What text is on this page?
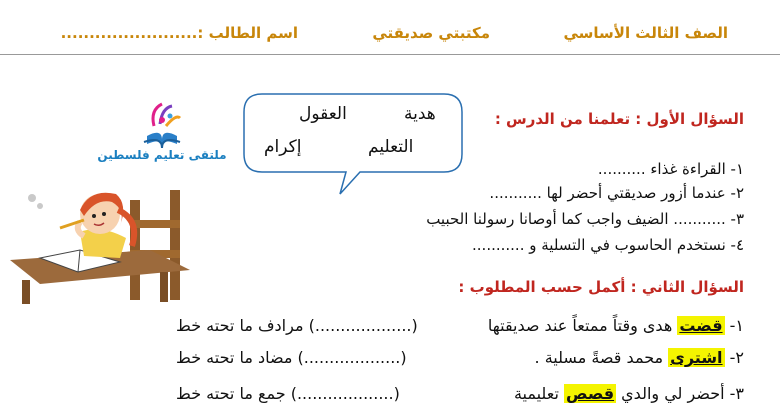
الصف الثالث الأساسي
مكتبتي صديقتي
اسم الطالب :........................
ملتقى تعليم فلسطين
هدية
العقول
التعليم
إكرام
السؤال الأول : تعلمنا من الدرس :
١- القراءة غذاء ..........
٢- عندما أزور صديقتي أحضر لها ...........
٣- ........... الضيف واجب كما أوصانا رسولنا الحبيب
٤- نستخدم الحاسوب في التسلية و ...........
السؤال الثاني : أكمل حسب المطلوب :
١- قضت هدى وقتاً ممتعاً عند صديقتها
(...................) مرادف ما تحته خط
٢- اشترى محمد قصةً مسلية .
(...................) مضاد ما تحته خط
٣- أحضر لي والدي قصص تعليمية
(...................) جمع ما تحته خط
